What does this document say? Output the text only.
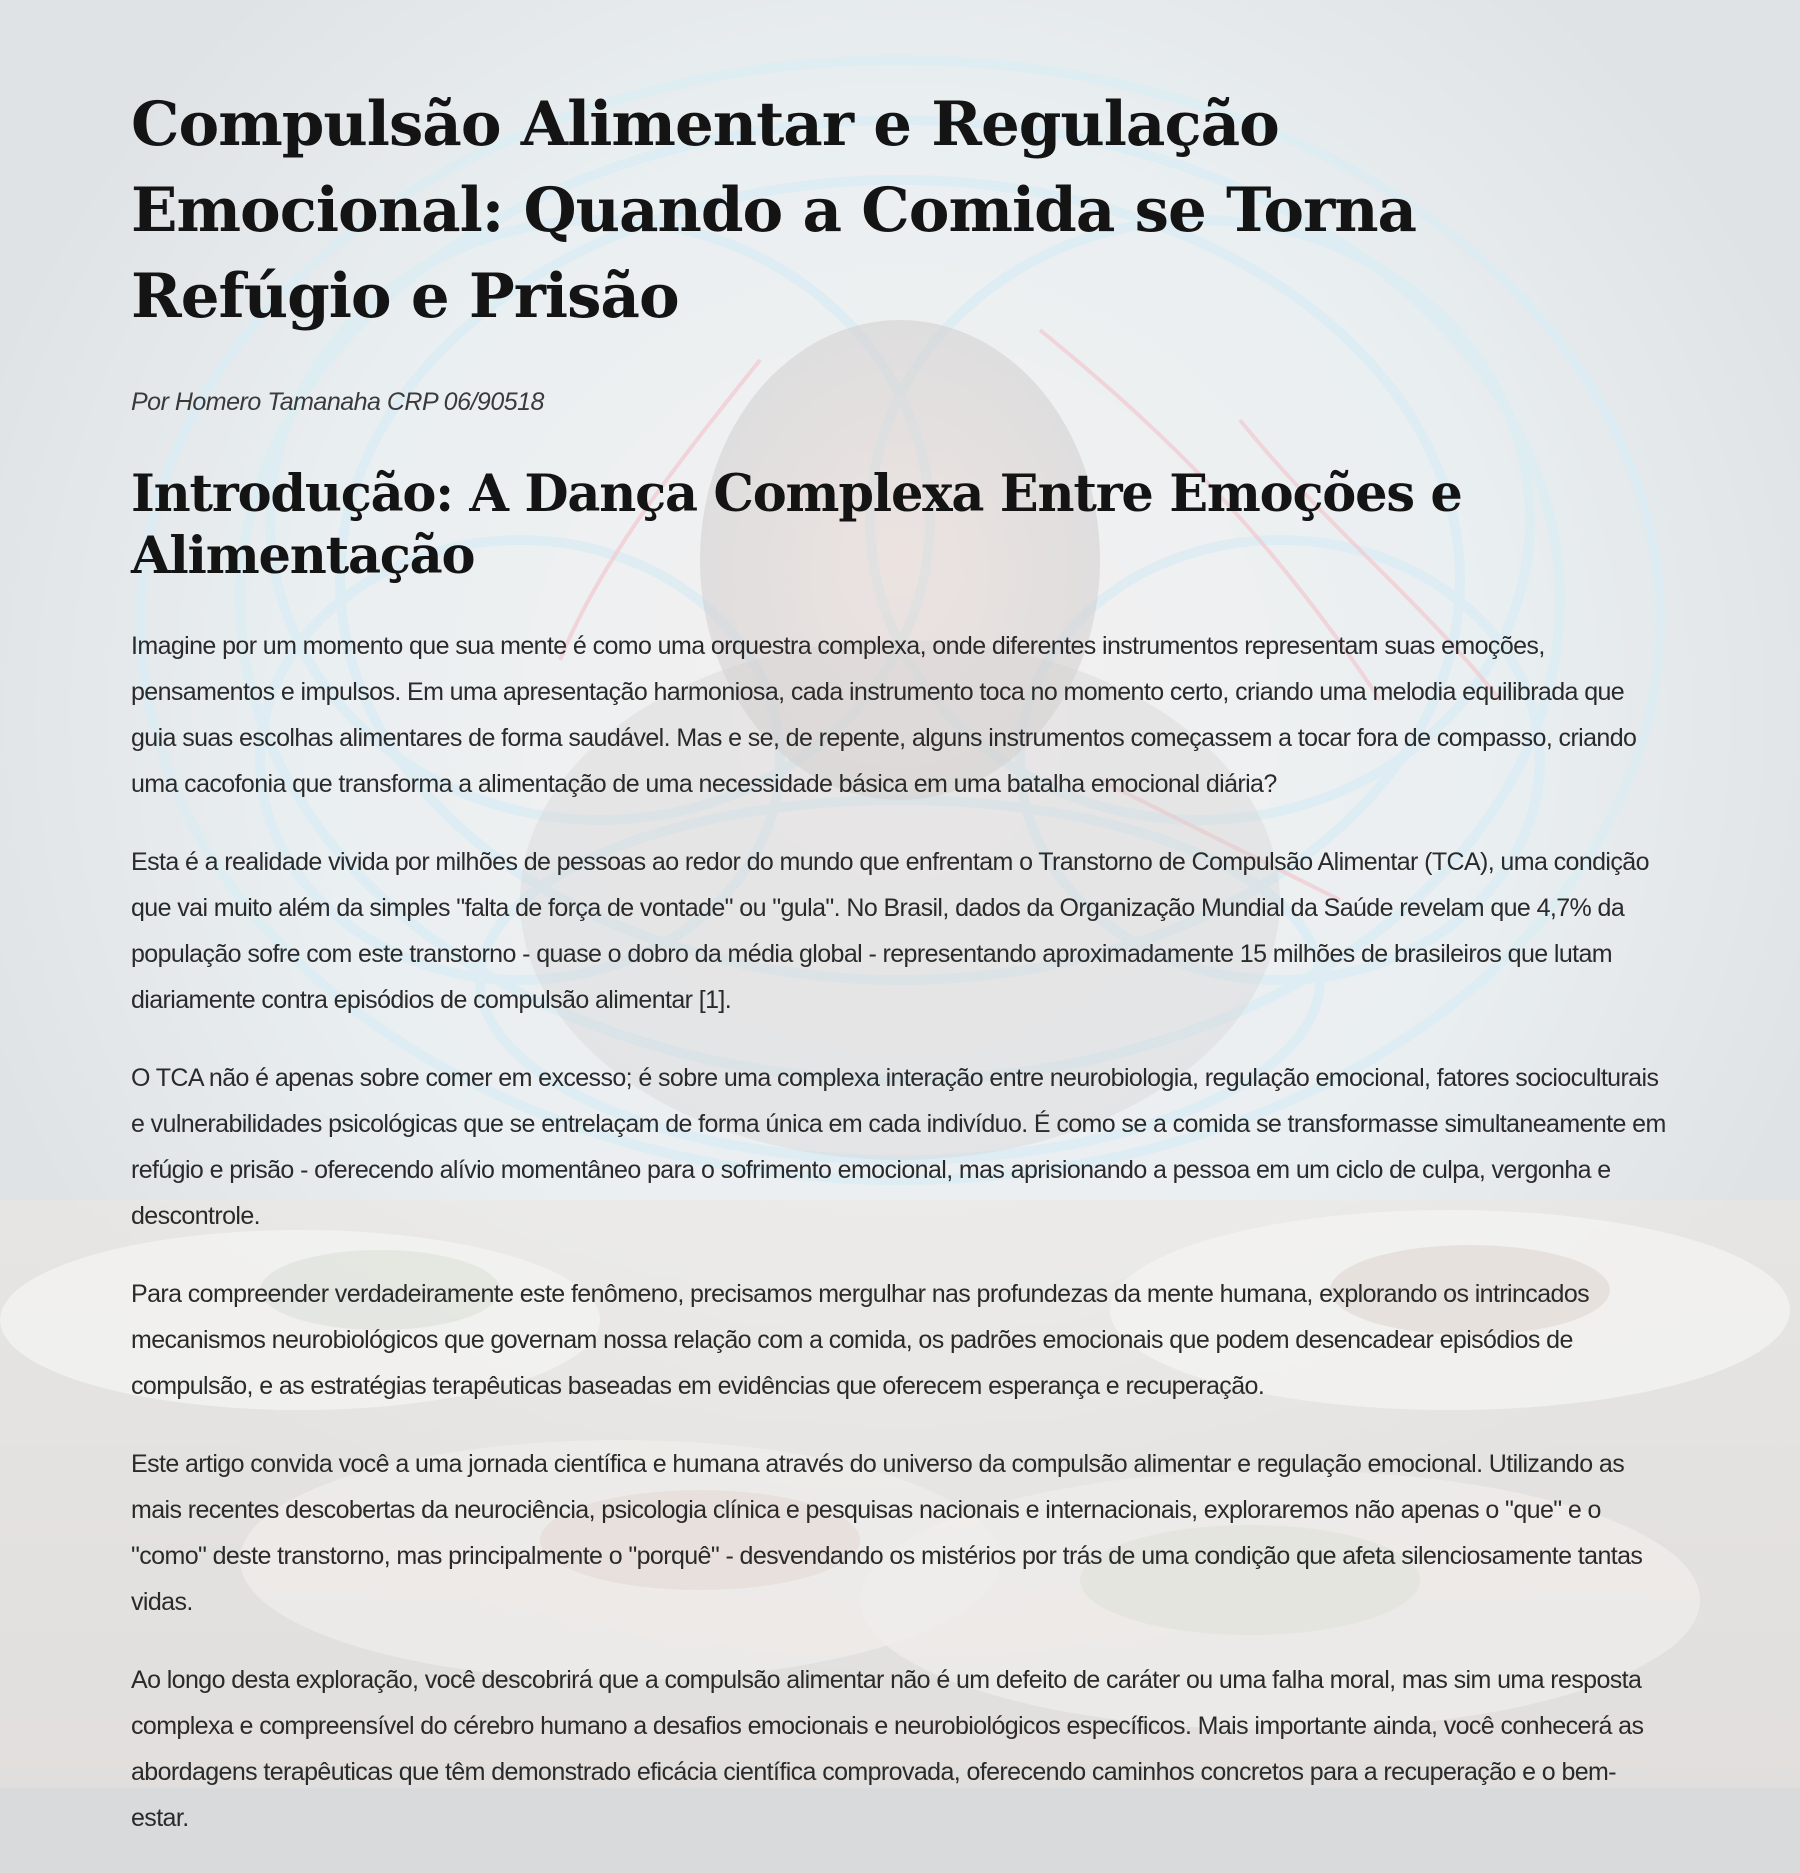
Compulsão Alimentar e Regulação Emocional: Quando a Comida se Torna Refúgio e Prisão

Por Homero Tamanaha CRP 06/90518

Introdução: A Dança Complexa Entre Emoções e Alimentação

Imagine por um momento que sua mente é como uma orquestra complexa, onde diferentes instrumentos representam suas emoções, pensamentos e impulsos. Em uma apresentação harmoniosa, cada instrumento toca no momento certo, criando uma melodia equilibrada que guia suas escolhas alimentares de forma saudável. Mas e se, de repente, alguns instrumentos começassem a tocar fora de compasso, criando uma cacofonia que transforma a alimentação de uma necessidade básica em uma batalha emocional diária?

Esta é a realidade vivida por milhões de pessoas ao redor do mundo que enfrentam o Transtorno de Compulsão Alimentar (TCA), uma condição que vai muito além da simples "falta de força de vontade" ou "gula". No Brasil, dados da Organização Mundial da Saúde revelam que 4,7% da população sofre com este transtorno - quase o dobro da média global - representando aproximadamente 15 milhões de brasileiros que lutam diariamente contra episódios de compulsão alimentar [1].

O TCA não é apenas sobre comer em excesso; é sobre uma complexa interação entre neurobiologia, regulação emocional, fatores socioculturais e vulnerabilidades psicológicas que se entrelaçam de forma única em cada indivíduo. É como se a comida se transformasse simultaneamente em refúgio e prisão - oferecendo alívio momentâneo para o sofrimento emocional, mas aprisionando a pessoa em um ciclo de culpa, vergonha e descontrole.

Para compreender verdadeiramente este fenômeno, precisamos mergulhar nas profundezas da mente humana, explorando os intrincados mecanismos neurobiológicos que governam nossa relação com a comida, os padrões emocionais que podem desencadear episódios de compulsão, e as estratégias terapêuticas baseadas em evidências que oferecem esperança e recuperação.

Este artigo convida você a uma jornada científica e humana através do universo da compulsão alimentar e regulação emocional. Utilizando as mais recentes descobertas da neurociência, psicologia clínica e pesquisas nacionais e internacionais, exploraremos não apenas o "que" e o "como" deste transtorno, mas principalmente o "porquê" - desvendando os mistérios por trás de uma condição que afeta silenciosamente tantas vidas.

Ao longo desta exploração, você descobrirá que a compulsão alimentar não é um defeito de caráter ou uma falha moral, mas sim uma resposta complexa e compreensível do cérebro humano a desafios emocionais e neurobiológicos específicos. Mais importante ainda, você conhecerá as abordagens terapêuticas que têm demonstrado eficácia científica comprovada, oferecendo caminhos concretos para a recuperação e o bem-estar.
